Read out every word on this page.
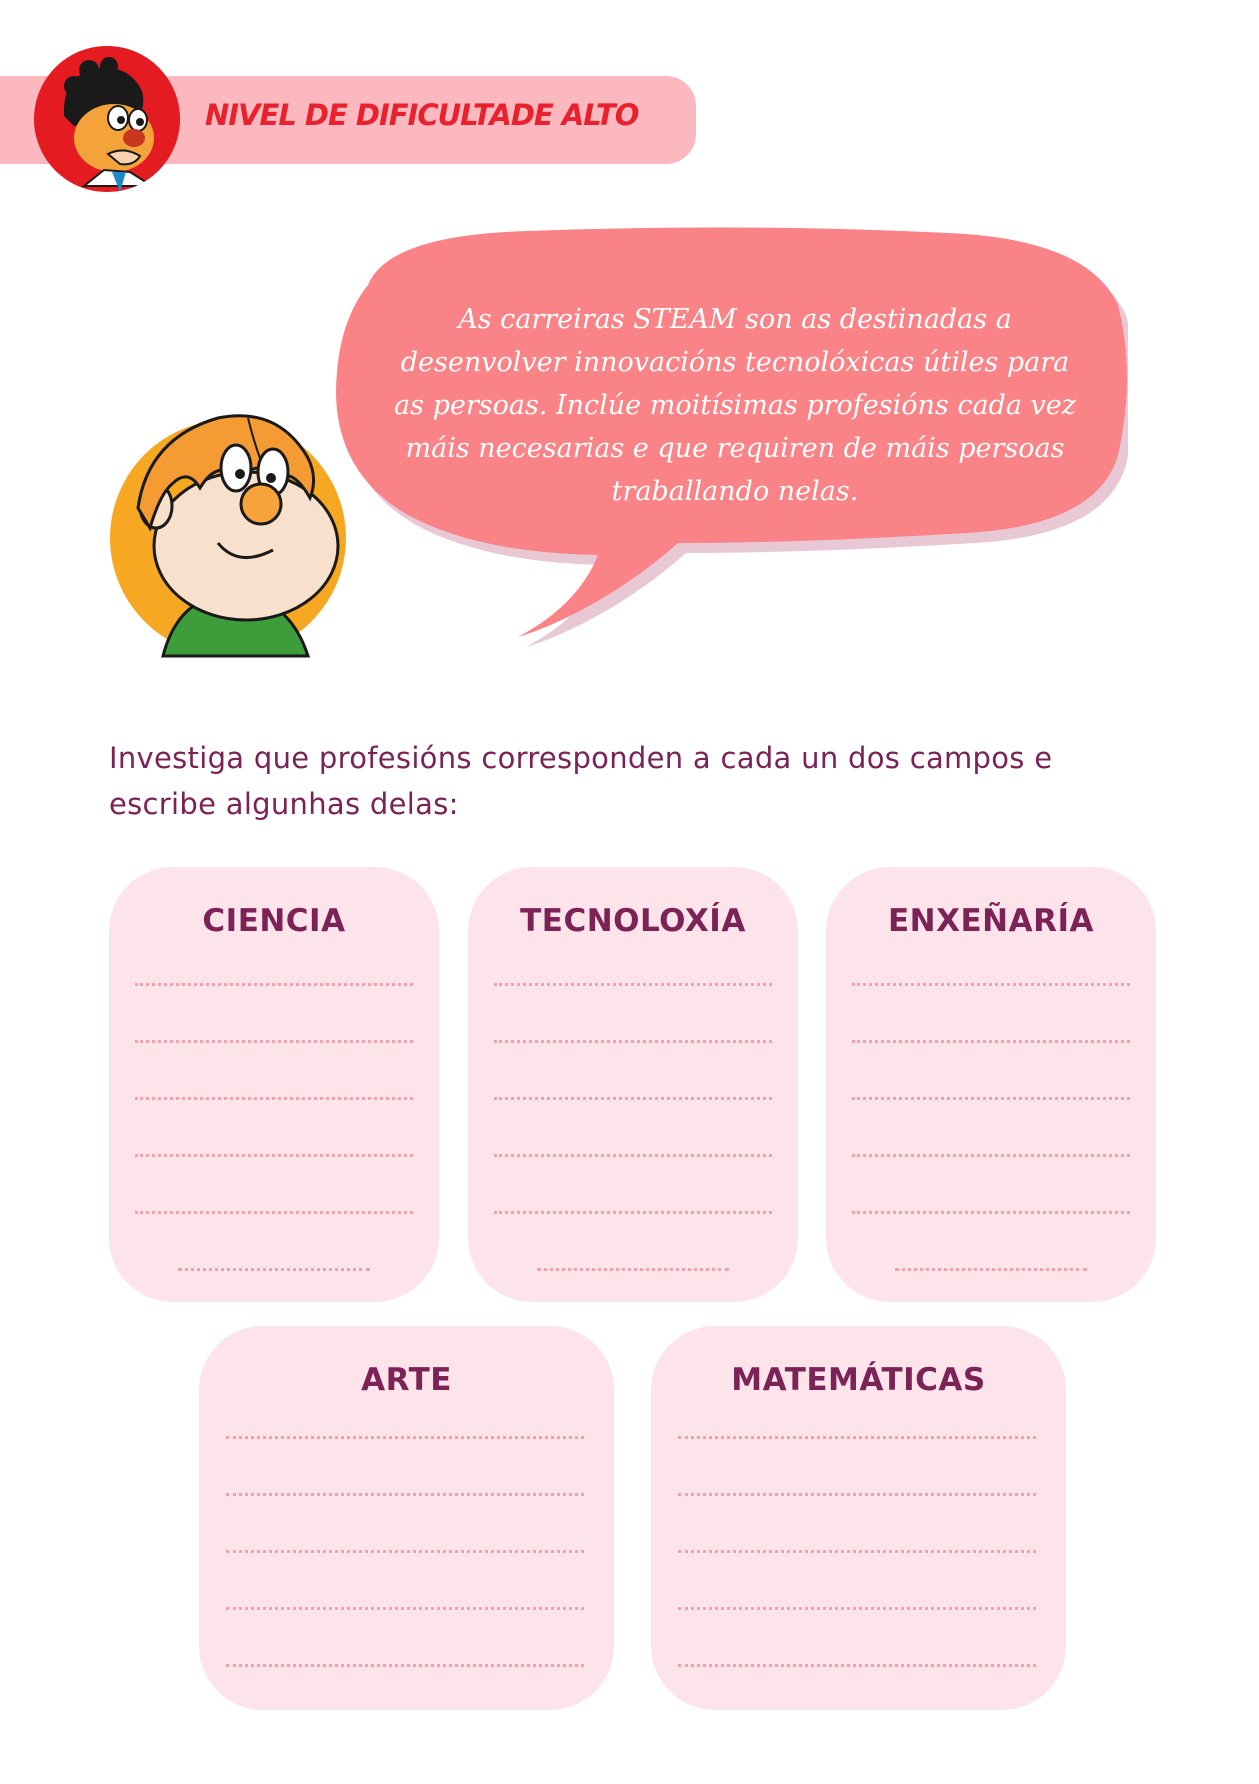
NIVEL DE DIFICULTADE ALTO
As carreiras STEAM son as destinadas a desenvolver innovacións tecnolóxicas útiles para as persoas. Inclúe moitísimas profesións cada vez máis necesarias e que requiren de máis persoas traballando nelas.
Investiga que profesións corresponden a cada un dos campos e escribe algunhas delas:
CIENCIA	TECNOLOXÍA	ENXEÑARÍA
ARTE	MATEMÁTICAS
